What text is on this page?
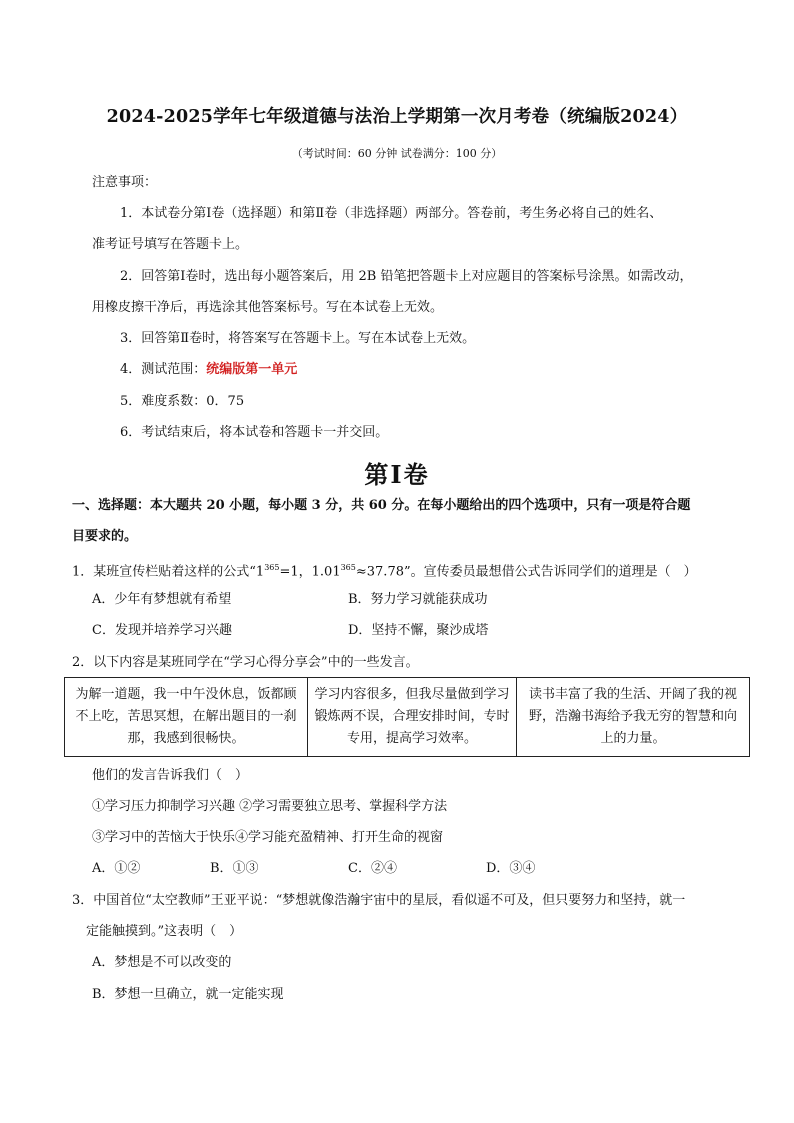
2024-2025学年七年级道德与法治上学期第一次月考卷（统编版2024）
（考试时间：60 分钟 试卷满分：100 分）
注意事项：
1．本试卷分第Ⅰ卷（选择题）和第Ⅱ卷（非选择题）两部分。答卷前，考生务必将自己的姓名、
准考证号填写在答题卡上。
2．回答第Ⅰ卷时，选出每小题答案后，用 2B 铅笔把答题卡上对应题目的答案标号涂黑。如需改动，
用橡皮擦干净后，再选涂其他答案标号。写在本试卷上无效。
3．回答第Ⅱ卷时，将答案写在答题卡上。写在本试卷上无效。
4．测试范围：统编版第一单元
5．难度系数：0．75
6．考试结束后，将本试卷和答题卡一并交回。
第Ⅰ卷
一、选择题：本大题共 20 小题，每小题 3 分，共 60 分。在每小题给出的四个选项中，只有一项是符合题
目要求的。
1．某班宣传栏贴着这样的公式“$1^{365}=1$，$1.01^{365}\approx 37.78$”。宣传委员最想借公式告诉同学们的道理是（　）
A．少年有梦想就有希望	B．努力学习就能获成功
C．发现并培养学习兴趣	D．坚持不懈，聚沙成塔
2．以下内容是某班同学在“学习心得分享会”中的一些发言。
为解一道题，我一中午没休息，饭都顾不上吃，苦思冥想，在解出题目的一刹那，我感到很畅快。	学习内容很多，但我尽量做到学习锻炼两不误，合理安排时间，专时专用，提高学习效率。	读书丰富了我的生活、开阔了我的视野，浩瀚书海给予我无穷的智慧和向上的力量。
他们的发言告诉我们（　）
①学习压力抑制学习兴趣 ②学习需要独立思考、掌握科学方法
③学习中的苦恼大于快乐④学习能充盈精神、打开生命的视窗
A．①②	B．①③	C．②④	D．③④
3．中国首位“太空教师”王亚平说：“梦想就像浩瀚宇宙中的星辰，看似遥不可及，但只要努力和坚持，就一
定能触摸到。”这表明（　）
A．梦想是不可以改变的
B．梦想一旦确立，就一定能实现
